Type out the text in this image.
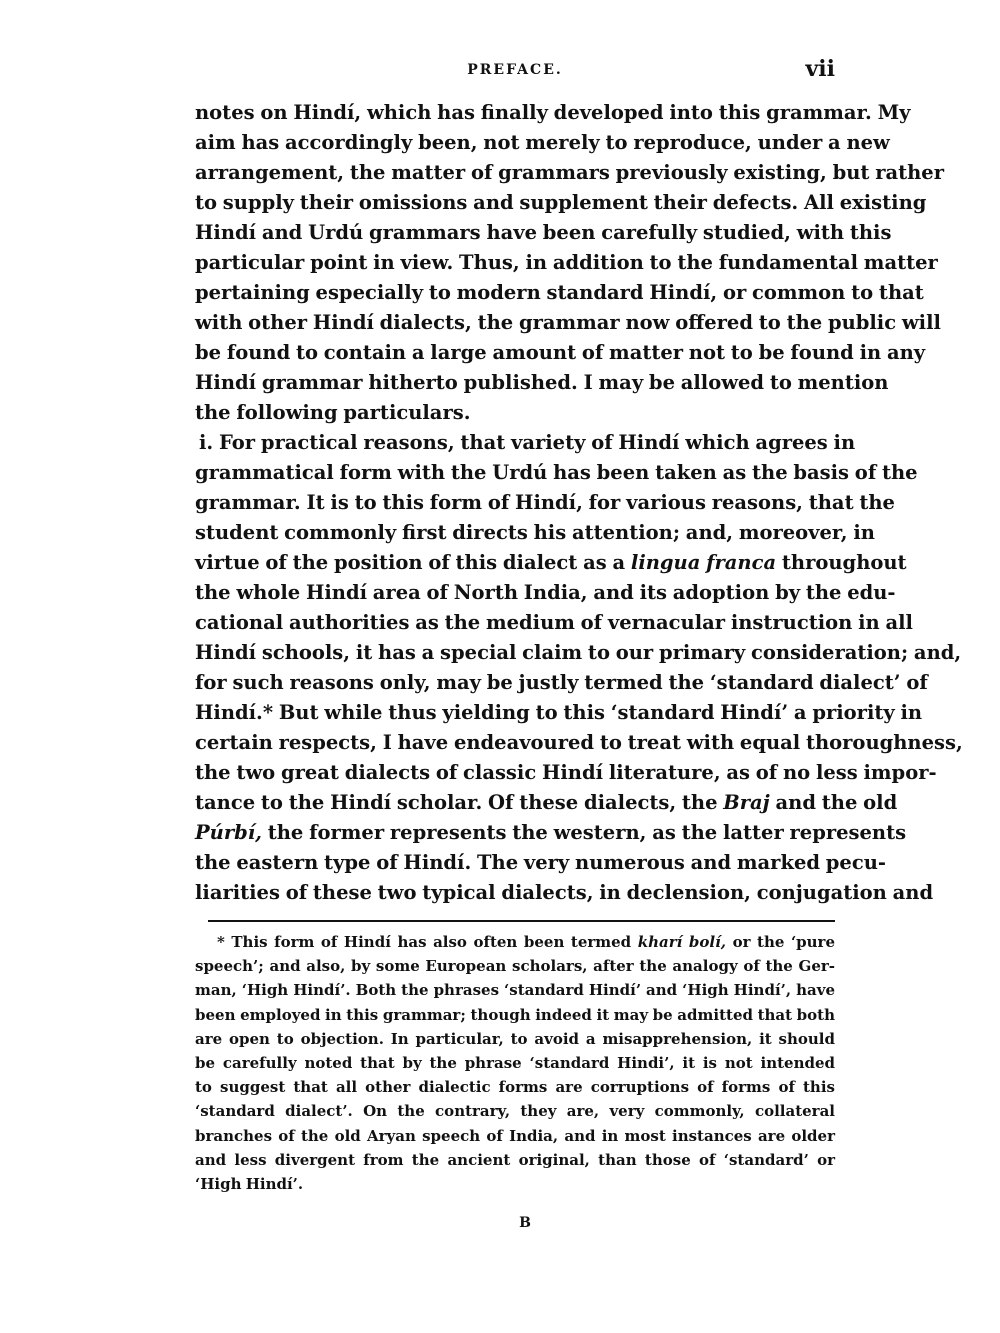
PREFACE.	vii
notes on Hindí, which has finally developed into this grammar. My
aim has accordingly been, not merely to reproduce, under a new
arrangement, the matter of grammars previously existing, but rather
to supply their omissions and supplement their defects. All existing
Hindí and Urdú grammars have been carefully studied, with this
particular point in view. Thus, in addition to the fundamental matter
pertaining especially to modern standard Hindí, or common to that
with other Hindí dialects, the grammar now offered to the public will
be found to contain a large amount of matter not to be found in any
Hindí grammar hitherto published. I may be allowed to mention
the following particulars.
i. For practical reasons, that variety of Hindí which agrees in
grammatical form with the Urdú has been taken as the basis of the
grammar. It is to this form of Hindí, for various reasons, that the
student commonly first directs his attention; and, moreover, in
virtue of the position of this dialect as a lingua franca throughout
the whole Hindí area of North India, and its adoption by the edu-
cational authorities as the medium of vernacular instruction in all
Hindí schools, it has a special claim to our primary consideration; and,
for such reasons only, may be justly termed the ‘standard dialect’ of
Hindí.* But while thus yielding to this ‘standard Hindí’ a priority in
certain respects, I have endeavoured to treat with equal thoroughness,
the two great dialects of classic Hindí literature, as of no less impor-
tance to the Hindí scholar. Of these dialects, the Braj and the old
Púrbí, the former represents the western, as the latter represents
the eastern type of Hindí. The very numerous and marked pecu-
liarities of these two typical dialects, in declension, conjugation and
* This form of Hindí has also often been termed kharí bolí, or the ‘pure
speech’; and also, by some European scholars, after the analogy of the Ger-
man, ‘High Hindí’. Both the phrases ‘standard Hindí’ and ‘High Hindí’, have
been employed in this grammar; though indeed it may be admitted that both
are open to objection. In particular, to avoid a misapprehension, it should
be carefully noted that by the phrase ‘standard Hindi’, it is not intended
to suggest that all other dialectic forms are corruptions of forms of this
‘standard dialect’. On the contrary, they are, very commonly, collateral
branches of the old Aryan speech of India, and in most instances are older
and less divergent from the ancient original, than those of ‘standard’ or
‘High Hindí’.
B
